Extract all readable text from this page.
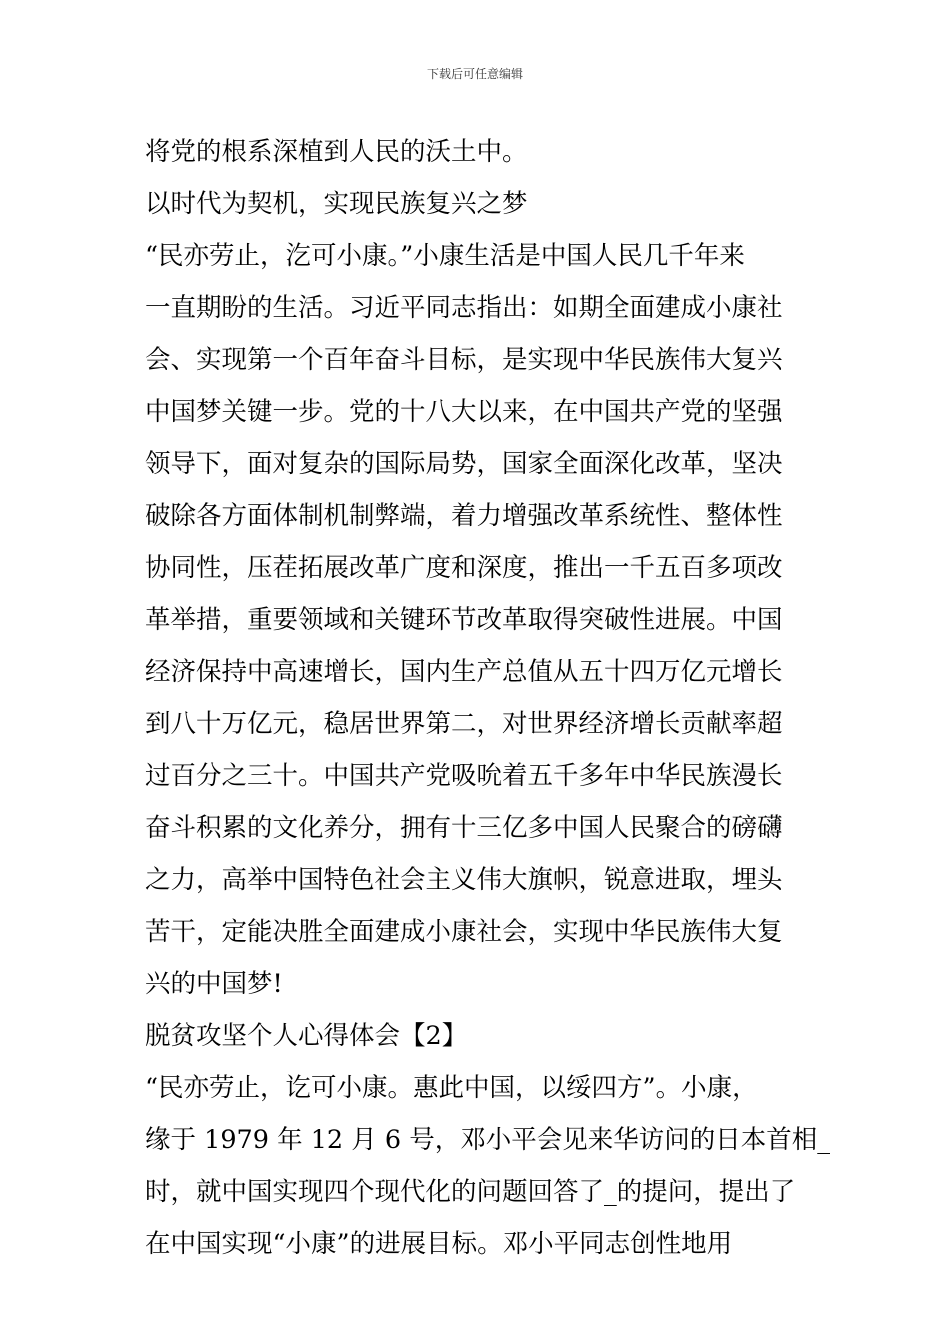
下载后可任意编辑
将党的根系深植到人民的沃土中。
以时代为契机，实现民族复兴之梦
“民亦劳止，汔可小康。”小康生活是中国人民几千年来
一直期盼的生活。习近平同志指出：如期全面建成小康社
会、实现第一个百年奋斗目标，是实现中华民族伟大复兴
中国梦关键一步。党的十八大以来，在中国共产党的坚强
领导下，面对复杂的国际局势，国家全面深化改革，坚决
破除各方面体制机制弊端，着力增强改革系统性、整体性
协同性，压茬拓展改革广度和深度，推出一千五百多项改
革举措，重要领域和关键环节改革取得突破性进展。中国
经济保持中高速增长，国内生产总值从五十四万亿元增长
到八十万亿元，稳居世界第二，对世界经济增长贡献率超
过百分之三十。中国共产党吸吮着五千多年中华民族漫长
奋斗积累的文化养分，拥有十三亿多中国人民聚合的磅礴
之力，高举中国特色社会主义伟大旗帜，锐意进取，埋头
苦干，定能决胜全面建成小康社会，实现中华民族伟大复
兴的中国梦!
脱贫攻坚个人心得体会【2】
“民亦劳止，讫可小康。惠此中国，以绥四方”。小康，
缘于 1979 年 12 月 6 号，邓小平会见来华访问的日本首相_
时，就中国实现四个现代化的问题回答了_的提问，提出了
在中国实现“小康”的进展目标。邓小平同志创性地用
